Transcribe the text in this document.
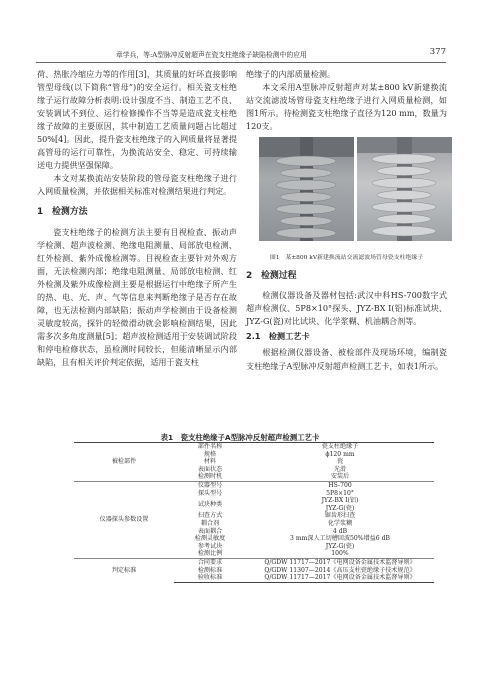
章学兵，等:A型脉冲反射超声在瓷支柱绝缘子缺陷检测中的应用	377

荷、热胀冷缩应力等的作用[3]，其质量的好坏直接影响管型母线(以下简称“管母”)的安全运行。相关瓷支柱绝缘子运行故障分析表明:设计强度不当、制造工艺不良、安装调试不到位、运行检修操作不当等是造成瓷支柱绝缘子故障的主要原因，其中制造工艺质量问题占比超过50%[4]。因此，提升瓷支柱绝缘子的入网质量将显著提高管母的运行可靠性，为换流站安全、稳定、可持续输送电力提供坚强保障。

本文对某换流站安装阶段的管母瓷支柱绝缘子进行入网质量检测，并依据相关标准对检测结果进行判定。

1　检测方法

瓷支柱绝缘子的检测方法主要有目视检查、振动声学检测、超声波检测、绝缘电阻测量、局部放电检测、红外检测、紫外成像检测等。目视检查主要针对外观方面，无法检测内部；绝缘电阻测量、局部放电检测、红外检测及紫外成像检测主要是根据运行中绝缘子所产生的热、电、光、声、气等信息来判断绝缘子是否存在故障，也无法检测内部缺陷；振动声学检测由于设备检测灵敏度较高，探针的轻微滑动就会影响检测结果，因此需多次多角度测量[5]；超声波检测适用于安装调试阶段和停电检修状态，虽检测时间较长，但能清晰显示内部缺陷，且有相关评价判定依据，适用于瓷支柱

绝缘子的内部质量检测。

本文采用A型脉冲反射超声对某±800 kV新建换流站交流滤波场管母瓷支柱绝缘子进行入网质量检测，如图1所示。待检测瓷支柱绝缘子直径为120 mm，数量为120支。

图1　某±800 kV新建换流站交流滤波场管母瓷支柱绝缘子

2　检测过程

检测仪器设备及器材包括:武汉中科HS-700数字式超声检测仪、5P8×10°探头、JYZ-BX I(铝)标准试块、JYZ-G(瓷)对比试块、化学浆糊、机油耦合剂等。

2.1　检测工艺卡

根据检测仪器设备、被检部件及现场环境，编制瓷支柱绝缘子A型脉冲反射超声检测工艺卡，如表1所示。

表1　瓷支柱绝缘子A型脉冲反射超声检测工艺卡
被检部件	部件名称	瓷支柱绝缘子
	规格	ϕ120 mm
	材料	瓷
	表面状态	光滑
	检测时机	安装后
仪器探头参数设置	仪器型号	HS-700
	探头型号	5P8×10°
	试块种类	JYZ-BX I(铝)
		JYZ-G(瓷)
	扫查方式	锯齿形扫查
	耦合剂	化学浆糊
	表面耦合	4 dB
	检测灵敏度	3 mm深人工切槽回波50%增益6 dB
	参考试块	JYZ-G(瓷)
	检测比例	100%
判定标准	合同要求	Q/GDW 11717—2017《电网设备金属技术监督导则》
	检测标准	Q/GDW 11307—2014《高压支柱瓷绝缘子技术规范》
	验收标准	Q/GDW 11717—2017《电网设备金属技术监督导则》
